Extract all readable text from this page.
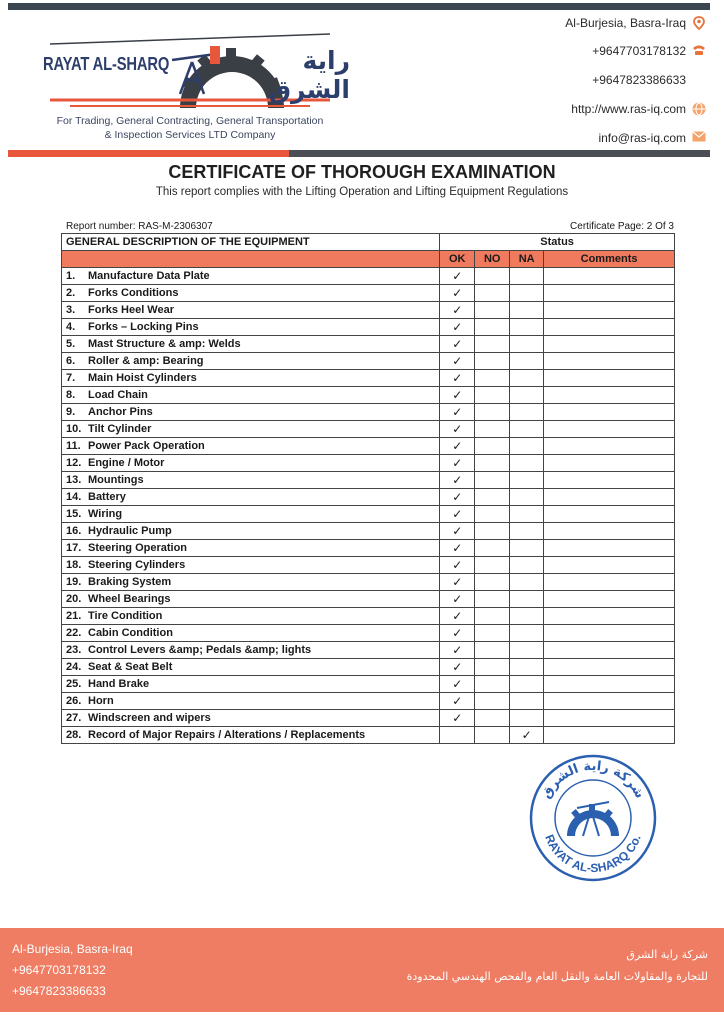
RAYAT AL-SHARQ	راية الشرق
For Trading, General Contracting, General Transportation
& Inspection Services LTD Company
Al-Burjesia, Basra-Iraq
+9647703178132
+9647823386633
http://www.ras-iq.com
info@ras-iq.com
CERTIFICATE OF THOROUGH EXAMINATION
This report complies with the Lifting Operation and Lifting Equipment Regulations
Report number: RAS-M-2306307	Certificate Page: 2 Of 3
GENERAL DESCRIPTION OF THE EQUIPMENT	Status			
	OK	NO	NA	Comments
1. Manufacture Data Plate	✓			
2. Forks Conditions	✓			
3. Forks Heel Wear	✓			
4. Forks – Locking Pins	✓			
5. Mast Structure & amp: Welds	✓			
6. Roller & amp: Bearing	✓			
7. Main Hoist Cylinders	✓			
8. Load Chain	✓			
9. Anchor Pins	✓			
10. Tilt Cylinder	✓			
11. Power Pack Operation	✓			
12. Engine / Motor	✓			
13. Mountings	✓			
14. Battery	✓			
15. Wiring	✓			
16. Hydraulic Pump	✓			
17. Steering Operation	✓			
18. Steering Cylinders	✓			
19. Braking System	✓			
20. Wheel Bearings	✓			
21. Tire Condition	✓			
22. Cabin Condition	✓			
23. Control Levers &amp; Pedals &amp; lights	✓			
24. Seat & Seat Belt	✓			
25. Hand Brake	✓			
26. Horn	✓			
27. Windscreen and wipers	✓			
28. Record of Major Repairs / Alterations / Replacements			✓	
شركة راية الشرق
RAYAT AL-SHARQ Co.
Al-Burjesia, Basra-Iraq
+9647703178132
+9647823386633
شركة راية الشرق
للتجارة والمقاولات العامة والنقل العام والفحص الهندسي المحدودة
